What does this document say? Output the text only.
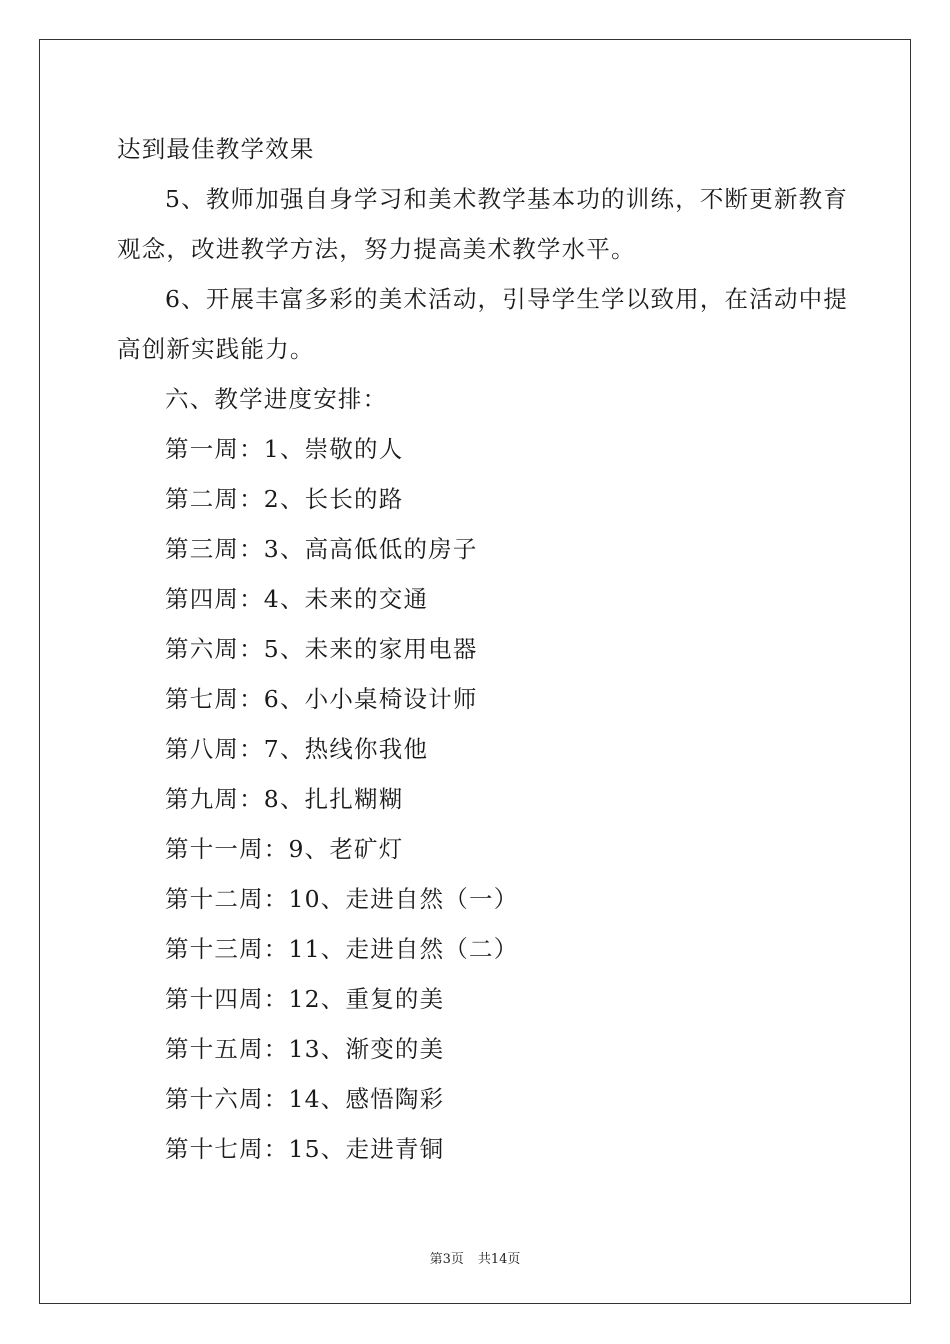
达到最佳教学效果
5、教师加强自身学习和美术教学基本功的训练，不断更新教育
观念，改进教学方法，努力提高美术教学水平。
6、开展丰富多彩的美术活动，引导学生学以致用，在活动中提
高创新实践能力。
六、教学进度安排：
第一周：1、崇敬的人
第二周：2、长长的路
第三周：3、高高低低的房子
第四周：4、未来的交通
第六周：5、未来的家用电器
第七周：6、小小桌椅设计师
第八周：7、热线你我他
第九周：8、扎扎糊糊
第十一周：9、老矿灯
第十二周：10、走进自然（一）
第十三周：11、走进自然（二）
第十四周：12、重复的美
第十五周：13、渐变的美
第十六周：14、感悟陶彩
第十七周：15、走进青铜
第3页 共14页
